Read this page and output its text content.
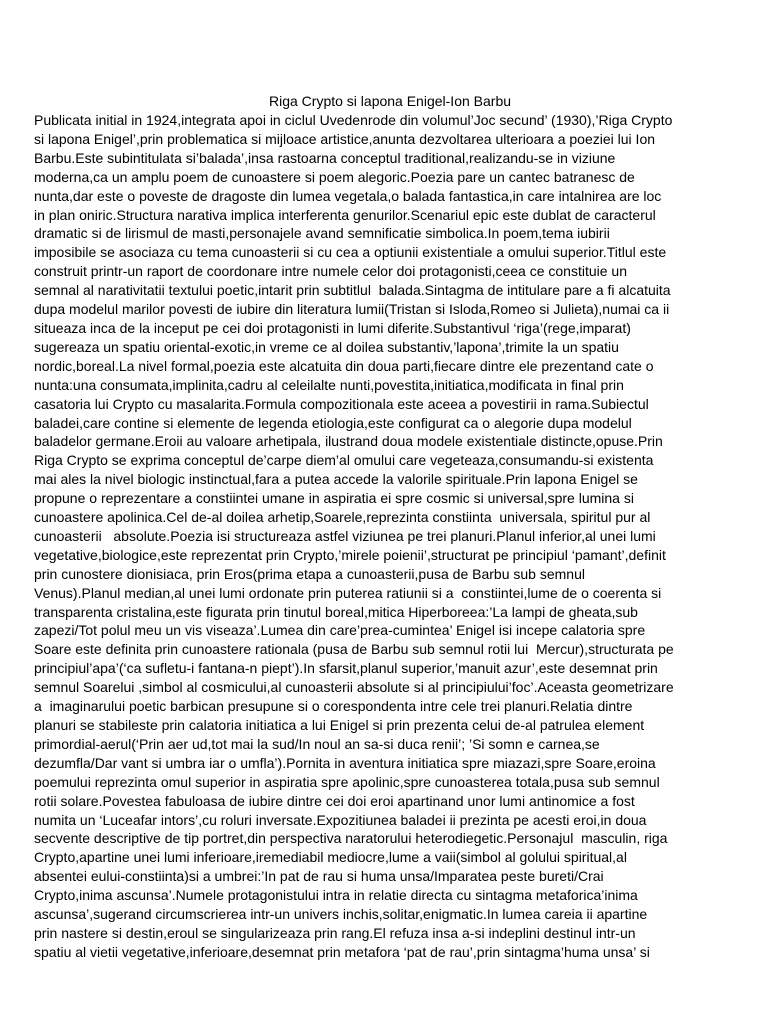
Riga Crypto si lapona Enigel-Ion Barbu
Publicata initial in 1924,integrata apoi in ciclul Uvedenrode din volumul’Joc secund’ (1930),’Riga Crypto
si lapona Enigel’,prin problematica si mijloace artistice,anunta dezvoltarea ulterioara a poeziei lui Ion
Barbu.Este subintitulata si’balada’,insa rastoarna conceptul traditional,realizandu-se in viziune
moderna,ca un amplu poem de cunoastere si poem alegoric.Poezia pare un cantec batranesc de
nunta,dar este o poveste de dragoste din lumea vegetala,o balada fantastica,in care intalnirea are loc
in plan oniric.Structura narativa implica interferenta genurilor.Scenariul epic este dublat de caracterul
dramatic si de lirismul de masti,personajele avand semnificatie simbolica.In poem,tema iubirii
imposibile se asociaza cu tema cunoasterii si cu cea a optiunii existentiale a omului superior.Titlul este
construit printr-un raport de coordonare intre numele celor doi protagonisti,ceea ce constituie un
semnal al narativitatii textului poetic,intarit prin subtitlul  balada.Sintagma de intitulare pare a fi alcatuita
dupa modelul marilor povesti de iubire din literatura lumii(Tristan si Isloda,Romeo si Julieta),numai ca ii
situeaza inca de la inceput pe cei doi protagonisti in lumi diferite.Substantivul ‘riga’(rege,imparat)
sugereaza un spatiu oriental-exotic,in vreme ce al doilea substantiv,’lapona’,trimite la un spatiu
nordic,boreal.La nivel formal,poezia este alcatuita din doua parti,fiecare dintre ele prezentand cate o
nunta:una consumata,implinita,cadru al celeilalte nunti,povestita,initiatica,modificata in final prin
casatoria lui Crypto cu masalarita.Formula compozitionala este aceea a povestirii in rama.Subiectul
baladei,care contine si elemente de legenda etiologia,este configurat ca o alegorie dupa modelul
baladelor germane.Eroii au valoare arhetipala, ilustrand doua modele existentiale distincte,opuse.Prin
Riga Crypto se exprima conceptul de’carpe diem’al omului care vegeteaza,consumandu-si existenta
mai ales la nivel biologic instinctual,fara a putea accede la valorile spirituale.Prin lapona Enigel se
propune o reprezentare a constiintei umane in aspiratia ei spre cosmic si universal,spre lumina si
cunoastere apolinica.Cel de-al doilea arhetip,Soarele,reprezinta constiinta  universala, spiritul pur al
cunoasterii   absolute.Poezia isi structureaza astfel viziunea pe trei planuri.Planul inferior,al unei lumi
vegetative,biologice,este reprezentat prin Crypto,’mirele poienii’,structurat pe principiul ‘pamant’,definit
prin cunostere dionisiaca, prin Eros(prima etapa a cunoasterii,pusa de Barbu sub semnul
Venus).Planul median,al unei lumi ordonate prin puterea ratiunii si a  constiintei,lume de o coerenta si
transparenta cristalina,este figurata prin tinutul boreal,mitica Hiperboreea:’La lampi de gheata,sub
zapezi/Tot polul meu un vis viseaza’.Lumea din care’prea-cumintea’ Enigel isi incepe calatoria spre
Soare este definita prin cunoastere rationala (pusa de Barbu sub semnul rotii lui  Mercur),structurata pe
principiul’apa’(‘ca sufletu-i fantana-n piept’).In sfarsit,planul superior,’manuit azur’,este desemnat prin
semnul Soarelui ,simbol al cosmicului,al cunoasterii absolute si al principiului’foc’.Aceasta geometrizare
a  imaginarului poetic barbican presupune si o corespondenta intre cele trei planuri.Relatia dintre
planuri se stabileste prin calatoria initiatica a lui Enigel si prin prezenta celui de-al patrulea element
primordial-aerul(‘Prin aer ud,tot mai la sud/In noul an sa-si duca renii’; ’Si somn e carnea,se
dezumfla/Dar vant si umbra iar o umfla’).Pornita in aventura initiatica spre miazazi,spre Soare,eroina
poemului reprezinta omul superior in aspiratia spre apolinic,spre cunoasterea totala,pusa sub semnul
rotii solare.Povestea fabuloasa de iubire dintre cei doi eroi apartinand unor lumi antinomice a fost
numita un ‘Luceafar intors’,cu roluri inversate.Expozitiunea baladei ii prezinta pe acesti eroi,in doua
secvente descriptive de tip portret,din perspectiva naratorului heterodiegetic.Personajul  masculin, riga
Crypto,apartine unei lumi inferioare,iremediabil mediocre,lume a vaii(simbol al golului spiritual,al
absentei eului-constiinta)si a umbrei:’In pat de rau si huma unsa/Imparatea peste bureti/Crai
Crypto,inima ascunsa’.Numele protagonistului intra in relatie directa cu sintagma metaforica’inima
ascunsa’,sugerand circumscrierea intr-un univers inchis,solitar,enigmatic.In lumea careia ii apartine
prin nastere si destin,eroul se singularizeaza prin rang.El refuza insa a-si indeplini destinul intr-un
spatiu al vietii vegetative,inferioare,desemnat prin metafora ‘pat de rau’,prin sintagma’huma unsa’ si
